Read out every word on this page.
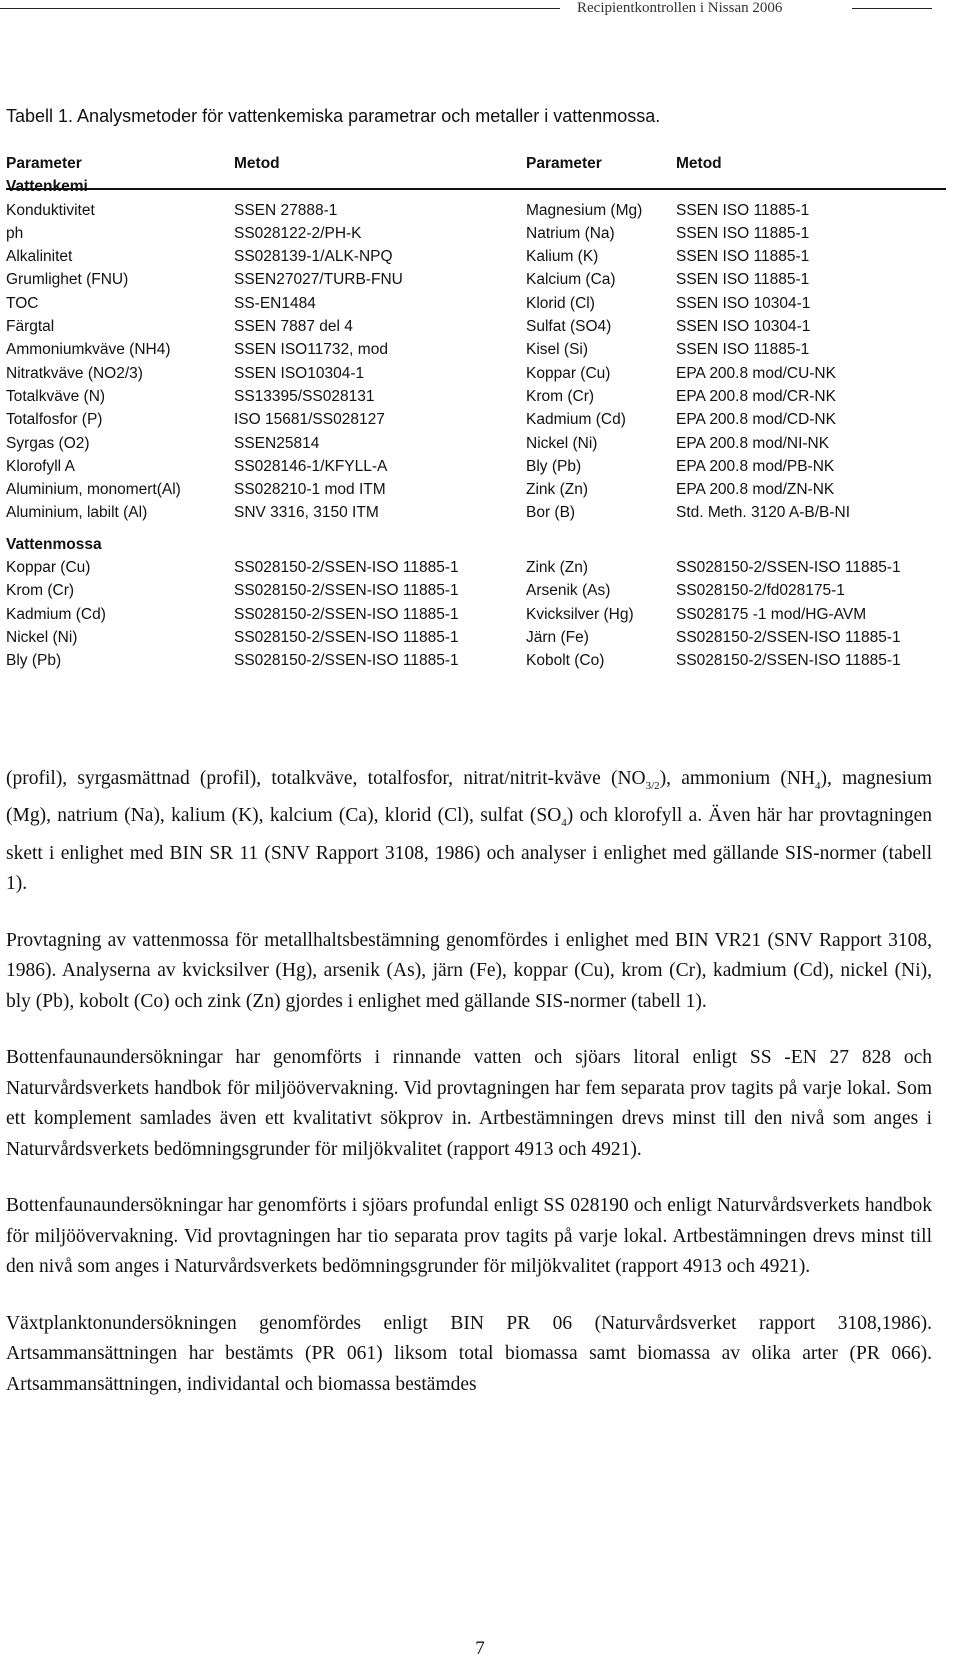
Recipientkontrollen i Nissan 2006
Tabell 1. Analysmetoder för vattenkemiska parametrar och metaller i vattenmossa.
Parameter	Metod	Parameter	Metod
Vattenkemi
Konduktivitet	SSEN 27888-1	Magnesium (Mg) SSEN ISO 11885-1
ph	SS028122-2/PH-K	Natrium (Na)	SSEN ISO 11885-1
Alkalinitet	SS028139-1/ALK-NPQ	Kalium (K)	SSEN ISO 11885-1
Grumlighet (FNU)	SSEN27027/TURB-FNU	Kalcium (Ca)	SSEN ISO 11885-1
TOC	SS-EN1484	Klorid (Cl)	SSEN ISO 10304-1
Färgtal	SSEN 7887 del 4	Sulfat (SO4)	SSEN ISO 10304-1
Ammoniumkväve (NH4)	SSEN ISO11732, mod	Kisel (Si)	SSEN ISO 11885-1
Nitratkväve (NO2/3)	SSEN ISO10304-1	Koppar (Cu)	EPA 200.8 mod/CU-NK
Totalkväve (N)	SS13395/SS028131	Krom (Cr)	EPA 200.8 mod/CR-NK
Totalfosfor (P)	ISO 15681/SS028127	Kadmium (Cd)	EPA 200.8 mod/CD-NK
Syrgas (O2)	SSEN25814	Nickel (Ni)	EPA 200.8 mod/NI-NK
Klorofyll A	SS028146-1/KFYLL-A	Bly (Pb)	EPA 200.8 mod/PB-NK
Aluminium, monomert(Al)	SS028210-1 mod ITM	Zink (Zn)	EPA 200.8 mod/ZN-NK
Aluminium, labilt (Al)	SNV 3316, 3150 ITM	Bor (B)	Std. Meth. 3120 A-B/B-NI
Vattenmossa
Koppar (Cu)	SS028150-2/SSEN-ISO 11885-1	Zink (Zn)	SS028150-2/SSEN-ISO 11885-1
Krom (Cr)	SS028150-2/SSEN-ISO 11885-1	Arsenik (As)	SS028150-2/fd028175-1
Kadmium (Cd)	SS028150-2/SSEN-ISO 11885-1	Kvicksilver (Hg)	SS028175 -1 mod/HG-AVM
Nickel (Ni)	SS028150-2/SSEN-ISO 11885-1	Järn (Fe)	SS028150-2/SSEN-ISO 11885-1
Bly (Pb)	SS028150-2/SSEN-ISO 11885-1	Kobolt (Co)	SS028150-2/SSEN-ISO 11885-1

(profil), syrgasmättnad (profil), totalkväve, totalfosfor, nitrat/nitrit-kväve $(NO_{3/2})$, ammonium $(NH_4)$, magnesium (Mg), natrium (Na), kalium (K), kalcium (Ca), klorid (Cl), sulfat $(SO_4)$ och klorofyll a. Även här har provtagningen skett i enlighet med BIN SR 11 (SNV Rapport 3108, 1986) och analyser i enlighet med gällande SIS-normer (tabell 1).

Provtagning av vattenmossa för metallhaltsbestämning genomfördes i enlighet med BIN VR21 (SNV Rapport 3108, 1986). Analyserna av kvicksilver (Hg), arsenik (As), järn (Fe), koppar (Cu), krom (Cr), kadmium (Cd), nickel (Ni), bly (Pb), kobolt (Co) och zink (Zn) gjordes i enlighet med gällande SIS-normer (tabell 1).

Bottenfaunaundersökningar har genomförts i rinnande vatten och sjöars litoral enligt SS -EN 27 828 och Naturvårdsverkets handbok för miljöövervakning. Vid provtagningen har fem separata prov tagits på varje lokal. Som ett komplement samlades även ett kvalitativt sökprov in. Artbestämningen drevs minst till den nivå som anges i Naturvårdsverkets bedömningsgrunder för miljökvalitet (rapport 4913 och 4921).

Bottenfaunaundersökningar har genomförts i sjöars profundal enligt SS 028190 och enligt Naturvårdsverkets handbok för miljöövervakning. Vid provtagningen har tio separata prov tagits på varje lokal. Artbestämningen drevs minst till den nivå som anges i Naturvårdsverkets bedömningsgrunder för miljökvalitet (rapport 4913 och 4921).

Växtplanktonundersökningen genomfördes enligt BIN PR 06 (Naturvårdsverket rapport 3108,1986). Artsammansättningen har bestämts (PR 061) liksom total biomassa samt biomassa av olika arter (PR 066). Artsammansättningen, individantal och biomassa bestämdes

7
